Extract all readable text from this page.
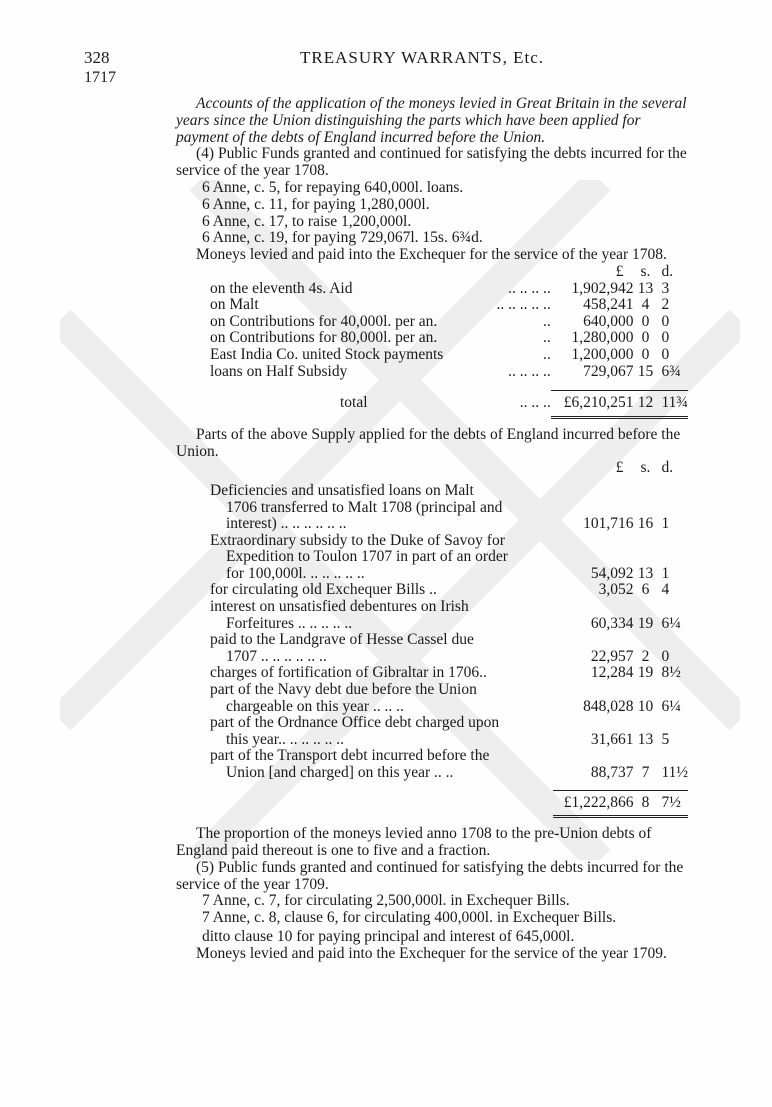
328
1717
TREASURY WARRANTS, Etc.

Accounts of the application of the moneys levied in Great Britain in the several years since the Union distinguishing the parts which have been applied for payment of the debts of England incurred before the Union.

(4) Public Funds granted and continued for satisfying the debts incurred for the service of the year 1708.

6 Anne, c. 5, for repaying 640,000l. loans.

6 Anne, c. 11, for paying 1,280,000l.

6 Anne, c. 17, to raise 1,200,000l.

6 Anne, c. 19, for paying 729,067l. 15s. 6¾d.

Moneys levied and paid into the Exchequer for the service of the year 1708.

		£	s.	d.
on the eleventh 4s. Aid	.. .. .. ..	1,902,942	13	3
on Malt	.. .. .. .. ..	458,241	4	2
on Contributions for 40,000l. per an.	..	640,000	0	0
on Contributions for 80,000l. per an.	..	1,280,000	0	0
East India Co. united Stock payments	..	1,200,000	0	0
loans on Half Subsidy	.. .. .. ..	729,067	15	6¾

total	.. .. ..	£6,210,251	12	11¾

Parts of the above Supply applied for the debts of England incurred before the Union.

	£	s.	d.

Deficiencies and unsatisfied loans on Malt
1706 transferred to Malt 1708 (principal and
interest) .. .. .. .. .. ..	101,716	16	1

Extraordinary subsidy to the Duke of Savoy for
Expedition to Toulon 1707 in part of an order
for 100,000l. .. .. .. .. ..	54,092	13	1

for circulating old Exchequer Bills ..	3,052	6	4

interest on unsatisfied debentures on Irish
Forfeitures .. .. .. .. ..	60,334	19	6¼

paid to the Landgrave of Hesse Cassel due
1707 .. .. .. .. .. ..	22,957	2	0

charges of fortification of Gibraltar in 1706..	12,284	19	8½

part of the Navy debt due before the Union
chargeable on this year .. .. ..	848,028	10	6¼

part of the Ordnance Office debt charged upon
this year.. .. .. .. .. ..	31,661	13	5

part of the Transport debt incurred before the
Union [and charged] on this year .. ..	88,737	7	11½

	£1,222,866	8	7½

The proportion of the moneys levied anno 1708 to the pre-Union debts of England paid thereout is one to five and a fraction.

(5) Public funds granted and continued for satisfying the debts incurred for the service of the year 1709.

7 Anne, c. 7, for circulating 2,500,000l. in Exchequer Bills.

7 Anne, c. 8, clause 6, for circulating 400,000l. in Exchequer Bills.

ditto clause 10 for paying principal and interest of 645,000l.

Moneys levied and paid into the Exchequer for the service of the year 1709.
